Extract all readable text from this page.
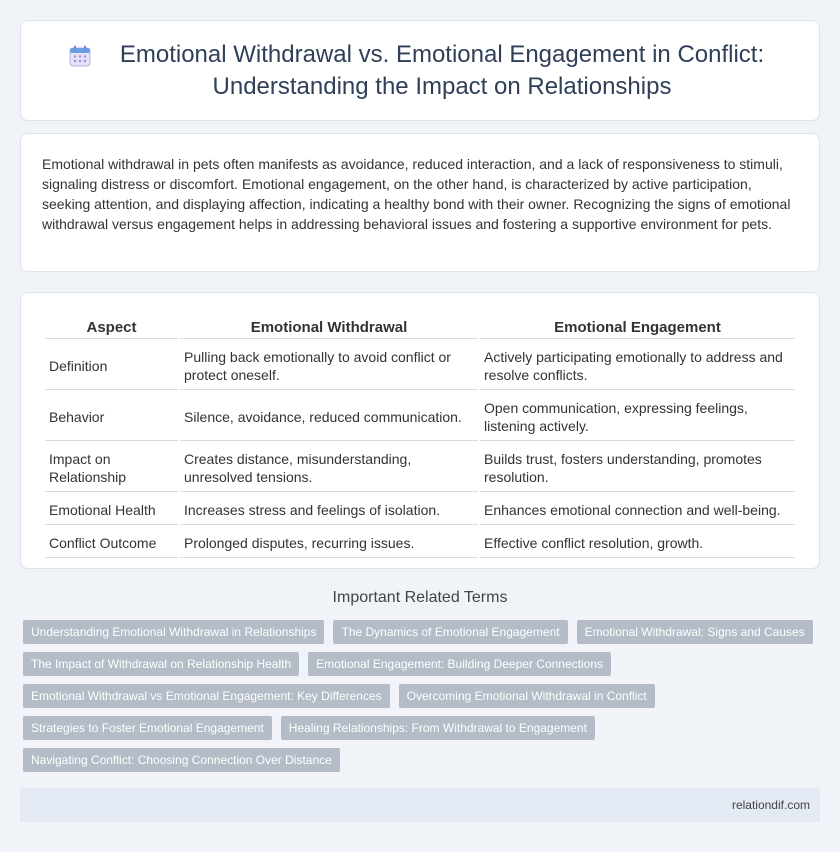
Emotional Withdrawal vs. Emotional Engagement in Conflict: Understanding the Impact on Relationships

Emotional withdrawal in pets often manifests as avoidance, reduced interaction, and a lack of responsiveness to stimuli, signaling distress or discomfort. Emotional engagement, on the other hand, is characterized by active participation, seeking attention, and displaying affection, indicating a healthy bond with their owner. Recognizing the signs of emotional withdrawal versus engagement helps in addressing behavioral issues and fostering a supportive environment for pets.

Aspect	Emotional Withdrawal	Emotional Engagement
Definition	Pulling back emotionally to avoid conflict or protect oneself.	Actively participating emotionally to address and resolve conflicts.
Behavior	Silence, avoidance, reduced communication.	Open communication, expressing feelings, listening actively.
Impact on Relationship	Creates distance, misunderstanding, unresolved tensions.	Builds trust, fosters understanding, promotes resolution.
Emotional Health	Increases stress and feelings of isolation.	Enhances emotional connection and well-being.
Conflict Outcome	Prolonged disputes, recurring issues.	Effective conflict resolution, growth.
Important Related Terms
Understanding Emotional Withdrawal in Relationships	The Dynamics of Emotional Engagement	Emotional Withdrawal: Signs and Causes
The Impact of Withdrawal on Relationship Health	Emotional Engagement: Building Deeper Connections
Emotional Withdrawal vs Emotional Engagement: Key Differences	Overcoming Emotional Withdrawal in Conflict
Strategies to Foster Emotional Engagement	Healing Relationships: From Withdrawal to Engagement
Navigating Conflict: Choosing Connection Over Distance
relationdif.com
